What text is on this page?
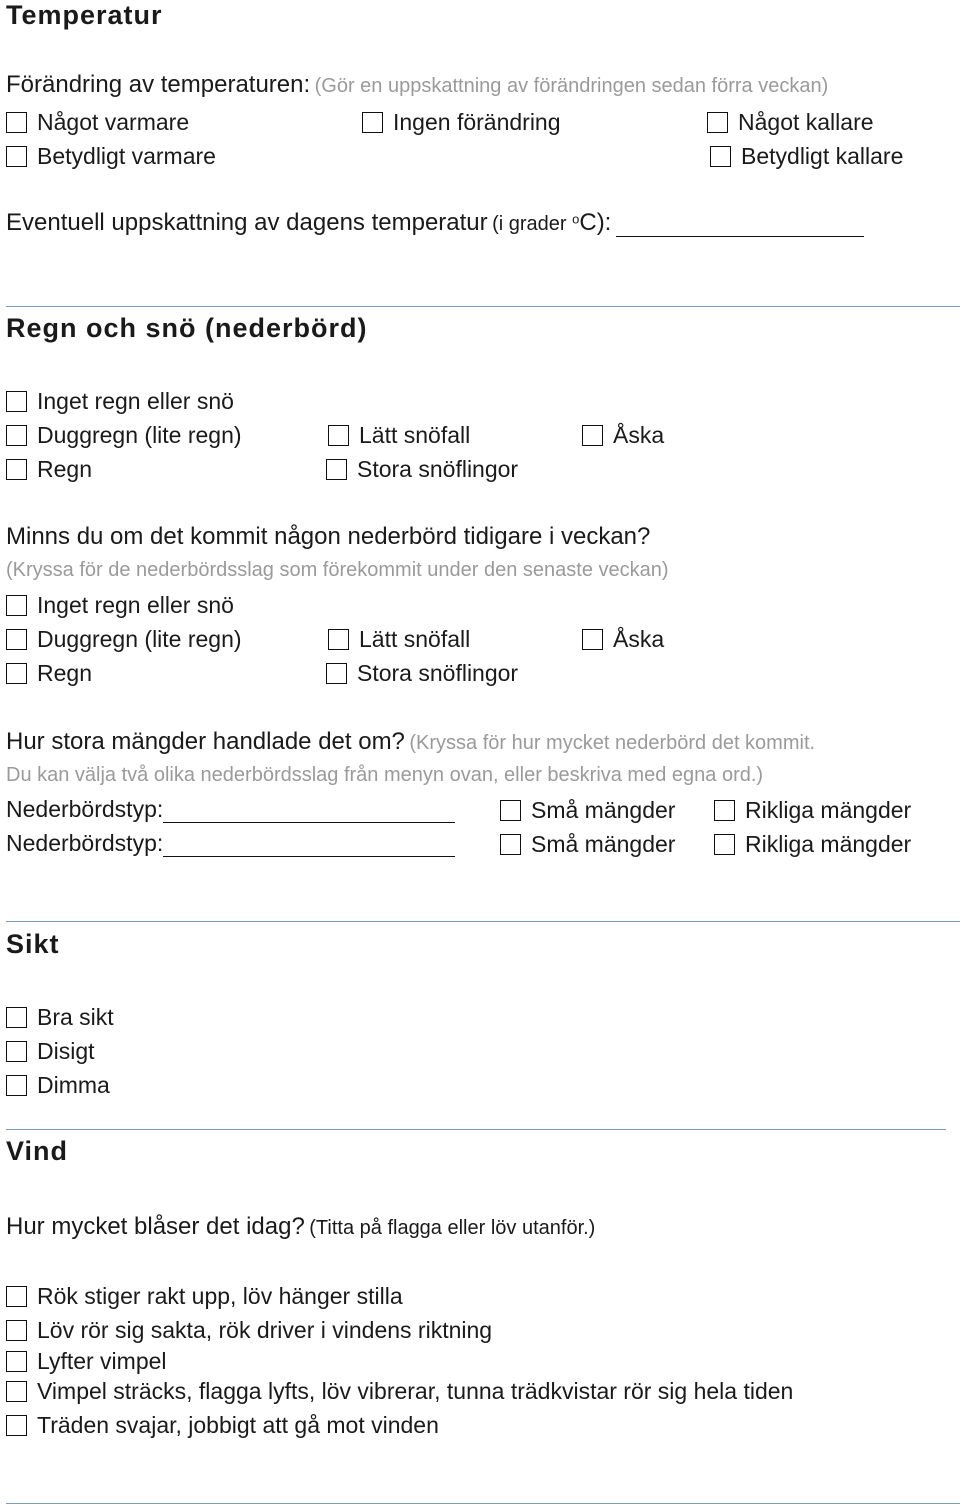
Temperatur
Förändring av temperaturen: (Gör en uppskattning av förändringen sedan förra veckan)
Något varmare	Ingen förändring	Något kallare
Betydligt varmare	Betydligt kallare
Eventuell uppskattning av dagens temperatur (i grader $^o$C):
Regn och snö (nederbörd)
Inget regn eller snö
Duggregn (lite regn)	Lätt snöfall	Åska
Regn	Stora snöflingor
Minns du om det kommit någon nederbörd tidigare i veckan?
(Kryssa för de nederbördsslag som förekommit under den senaste veckan)
Inget regn eller snö
Duggregn (lite regn)	Lätt snöfall	Åska
Regn	Stora snöflingor
Hur stora mängder handlade det om? (Kryssa för hur mycket nederbörd det kommit.
Du kan välja två olika nederbördsslag från menyn ovan, eller beskriva med egna ord.)
Nederbördstyp:	Små mängder	Rikliga mängder
Nederbördstyp:	Små mängder	Rikliga mängder
Sikt
Bra sikt
Disigt
Dimma
Vind
Hur mycket blåser det idag? (Titta på flagga eller löv utanför.)
Rök stiger rakt upp, löv hänger stilla
Löv rör sig sakta, rök driver i vindens riktning
Lyfter vimpel
Vimpel sträcks, flagga lyfts, löv vibrerar, tunna trädkvistar rör sig hela tiden
Träden svajar, jobbigt att gå mot vinden
